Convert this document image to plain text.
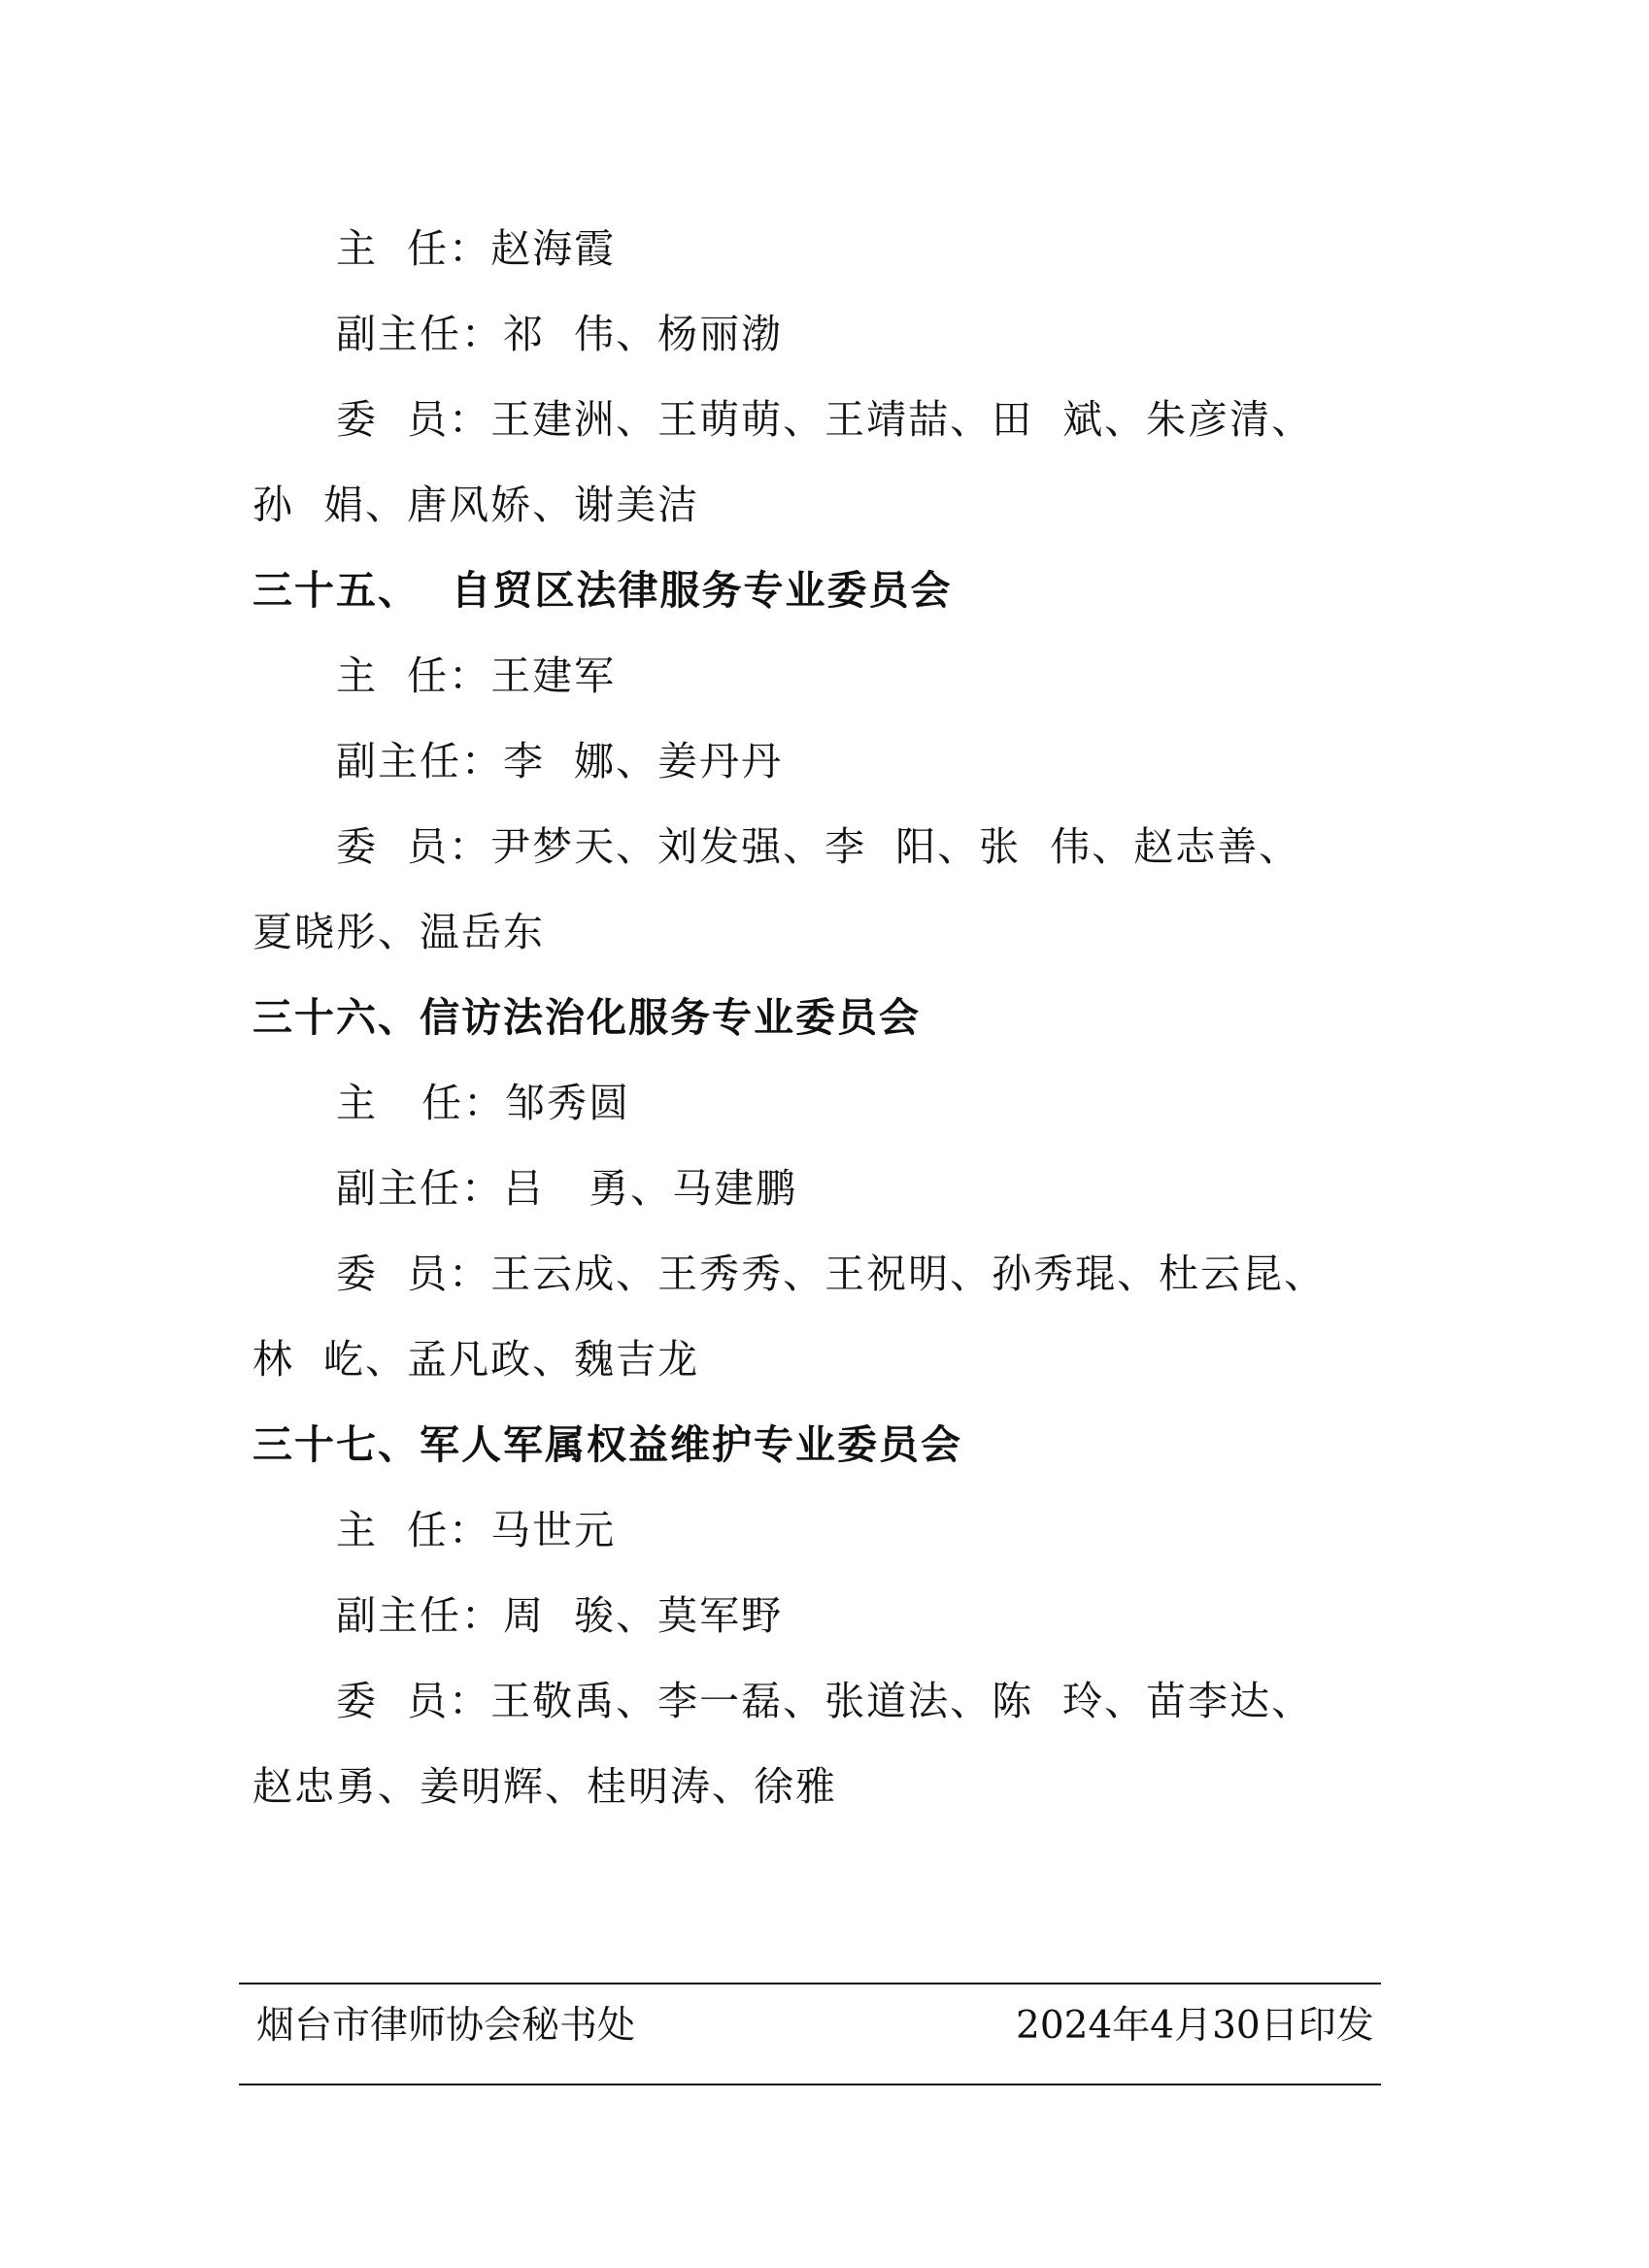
主  任：赵海霞
副主任：祁  伟、杨丽渤
委  员：王建洲、王萌萌、王靖喆、田  斌、朱彦清、
孙  娟、唐风娇、谢美洁
三十五、  自贸区法律服务专业委员会
主  任：王建军
副主任：李  娜、姜丹丹
委  员：尹梦天、刘发强、李  阳、张  伟、赵志善、
夏晓彤、温岳东
三十六、信访法治化服务专业委员会
主   任：邹秀圆
副主任：吕   勇、马建鹏
委  员：王云成、王秀秀、王祝明、孙秀琨、杜云昆、
林  屹、孟凡政、魏吉龙
三十七、军人军属权益维护专业委员会
主  任：马世元
副主任：周  骏、莫军野
委  员：王敬禹、李一磊、张道法、陈  玲、苗李达、
赵忠勇、姜明辉、桂明涛、徐雅
烟台市律师协会秘书处	2024年4月30日印发
